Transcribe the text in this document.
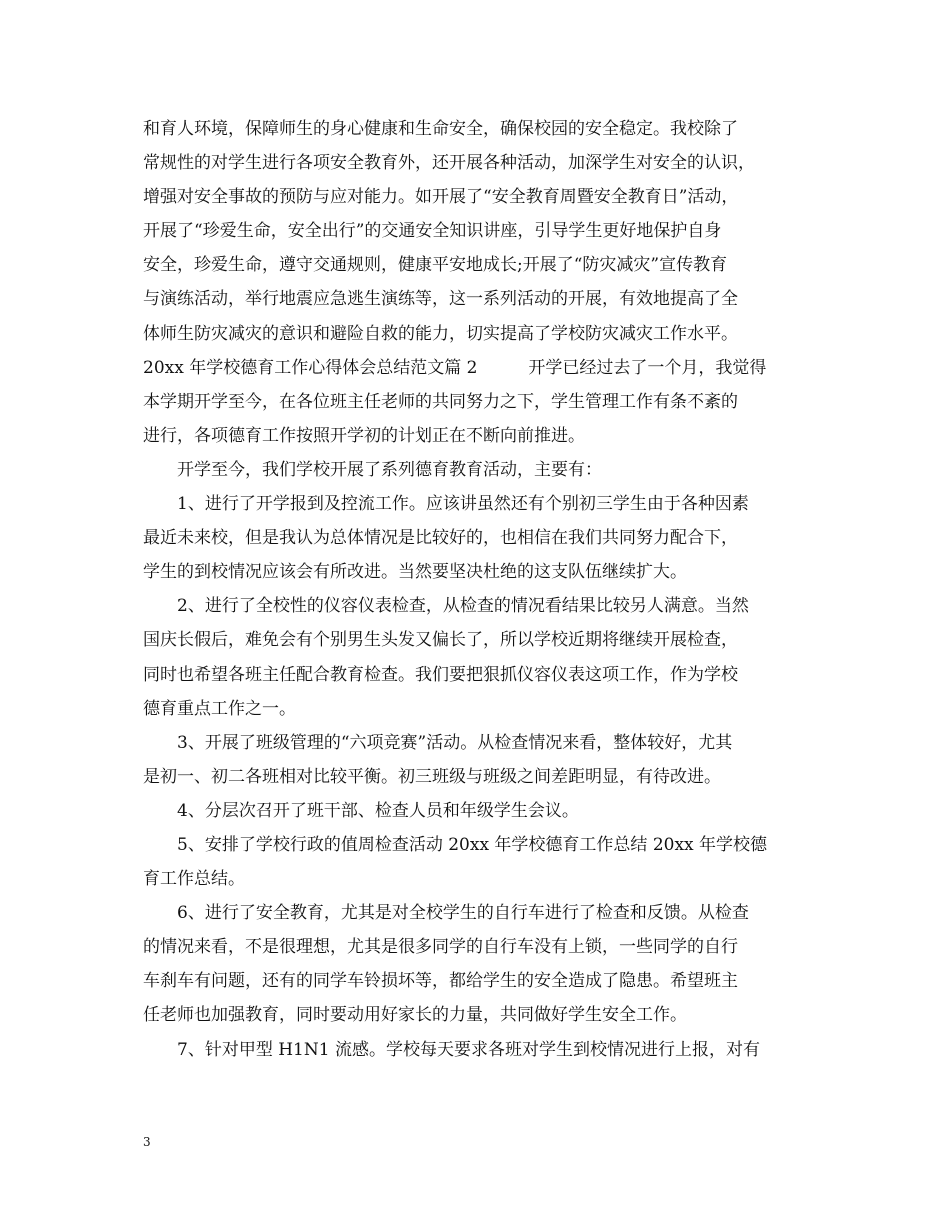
和育人环境，保障师生的身心健康和生命安全，确保校园的安全稳定。我校除了
常规性的对学生进行各项安全教育外，还开展各种活动，加深学生对安全的认识，
增强对安全事故的预防与应对能力。如开展了“安全教育周暨安全教育日”活动，
开展了“珍爱生命，安全出行”的交通安全知识讲座，引导学生更好地保护自身
安全，珍爱生命，遵守交通规则，健康平安地成长;开展了“防灾减灾”宣传教育
与演练活动，举行地震应急逃生演练等，这一系列活动的开展，有效地提高了全
体师生防灾减灾的意识和避险自救的能力，切实提高了学校防灾减灾工作水平。
20xx 年学校德育工作心得体会总结范文篇 2　　　开学已经过去了一个月，我觉得
本学期开学至今，在各位班主任老师的共同努力之下，学生管理工作有条不紊的
进行，各项德育工作按照开学初的计划正在不断向前推进。
开学至今，我们学校开展了系列德育教育活动，主要有：
1、进行了开学报到及控流工作。应该讲虽然还有个别初三学生由于各种因素
最近未来校，但是我认为总体情况是比较好的，也相信在我们共同努力配合下，
学生的到校情况应该会有所改进。当然要坚决杜绝的这支队伍继续扩大。
2、进行了全校性的仪容仪表检查，从检查的情况看结果比较另人满意。当然
国庆长假后，难免会有个别男生头发又偏长了，所以学校近期将继续开展检查，
同时也希望各班主任配合教育检查。我们要把狠抓仪容仪表这项工作，作为学校
德育重点工作之一。
3、开展了班级管理的“六项竞赛”活动。从检查情况来看，整体较好，尤其
是初一、初二各班相对比较平衡。初三班级与班级之间差距明显，有待改进。
4、分层次召开了班干部、检查人员和年级学生会议。
5、安排了学校行政的值周检查活动 20xx 年学校德育工作总结 20xx 年学校德
育工作总结。
6、进行了安全教育，尤其是对全校学生的自行车进行了检查和反馈。从检查
的情况来看，不是很理想，尤其是很多同学的自行车没有上锁，一些同学的自行
车刹车有问题，还有的同学车铃损坏等，都给学生的安全造成了隐患。希望班主
任老师也加强教育，同时要动用好家长的力量，共同做好学生安全工作。
7、针对甲型 H1N1 流感。学校每天要求各班对学生到校情况进行上报，对有
3
